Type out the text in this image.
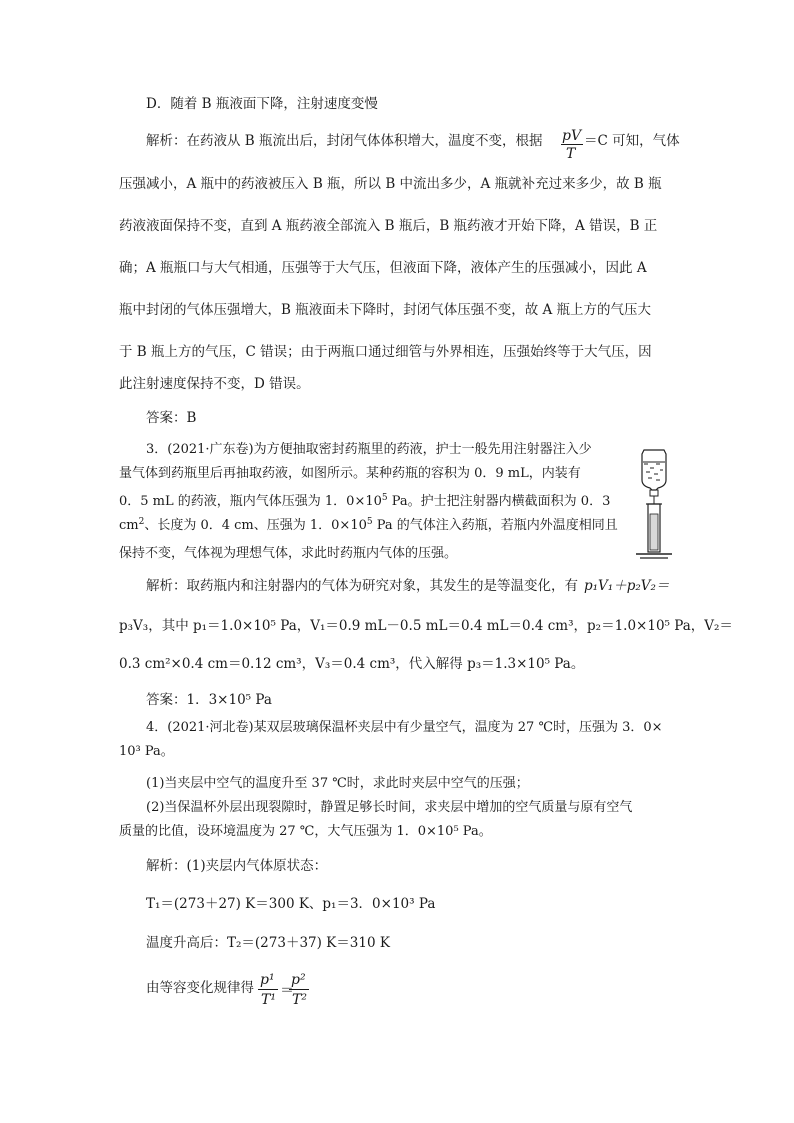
D．随着 B 瓶液面下降，注射速度变慢
解析：在药液从 B 瓶流出后，封闭气体体积增大，温度不变，根据 pV
T
＝C 可知，气体
压强减小，A 瓶中的药液被压入 B 瓶，所以 B 中流出多少，A 瓶就补充过来多少，故 B 瓶
药液液面保持不变，直到 A 瓶药液全部流入 B 瓶后，B 瓶药液才开始下降，A 错误，B 正
确；A 瓶瓶口与大气相通，压强等于大气压，但液面下降，液体产生的压强减小，因此 A
瓶中封闭的气体压强增大，B 瓶液面未下降时，封闭气体压强不变，故 A 瓶上方的气压大
于 B 瓶上方的气压，C 错误；由于两瓶口通过细管与外界相连，压强始终等于大气压，因
此注射速度保持不变，D 错误。
答案：B
3．(2021·广东卷)为方便抽取密封药瓶里的药液，护士一般先用注射器注入少
量气体到药瓶里后再抽取药液，如图所示。某种药瓶的容积为 0．9 mL，内装有
0．5 mL 的药液，瓶内气体压强为 1．$0\times 10^5$ Pa。护士把注射器内横截面积为 0．3
$cm^2$、长度为 0．4 cm、压强为 1．$0\times 10^5$ Pa 的气体注入药瓶，若瓶内外温度相同且
保持不变，气体视为理想气体，求此时药瓶内气体的压强。
解析：取药瓶内和注射器内的气体为研究对象，其发生的是等温变化，有 p₁V₁＋p₂V₂＝
p₃V₃，其中 p₁＝1.0×10⁵ Pa，V₁＝0.9 mL－0.5 mL＝0.4 mL＝0.4 cm³，p₂＝1.0×10⁵ Pa，V₂＝
0.3 cm²×0.4 cm＝0.12 cm³，V₃＝0.4 cm³，代入解得 p₃＝1.3×10⁵ Pa。
答案：1．3×10⁵ Pa
4．(2021·河北卷)某双层玻璃保温杯夹层中有少量空气，温度为 27 ℃时，压强为 3．0×
10³ Pa。
(1)当夹层中空气的温度升至 37 ℃时，求此时夹层中空气的压强；
(2)当保温杯外层出现裂隙时，静置足够长时间，求夹层中增加的空气质量与原有空气
质量的比值，设环境温度为 27 ℃，大气压强为 1．0×10⁵ Pa。
解析：(1)夹层内气体原状态：
T₁＝(273＋27) K＝300 K、p₁＝3．0×10³ Pa
温度升高后：T₂＝(273＋37) K＝310 K
由等容变化规律得 p¹
T¹
＝
p²
T²
